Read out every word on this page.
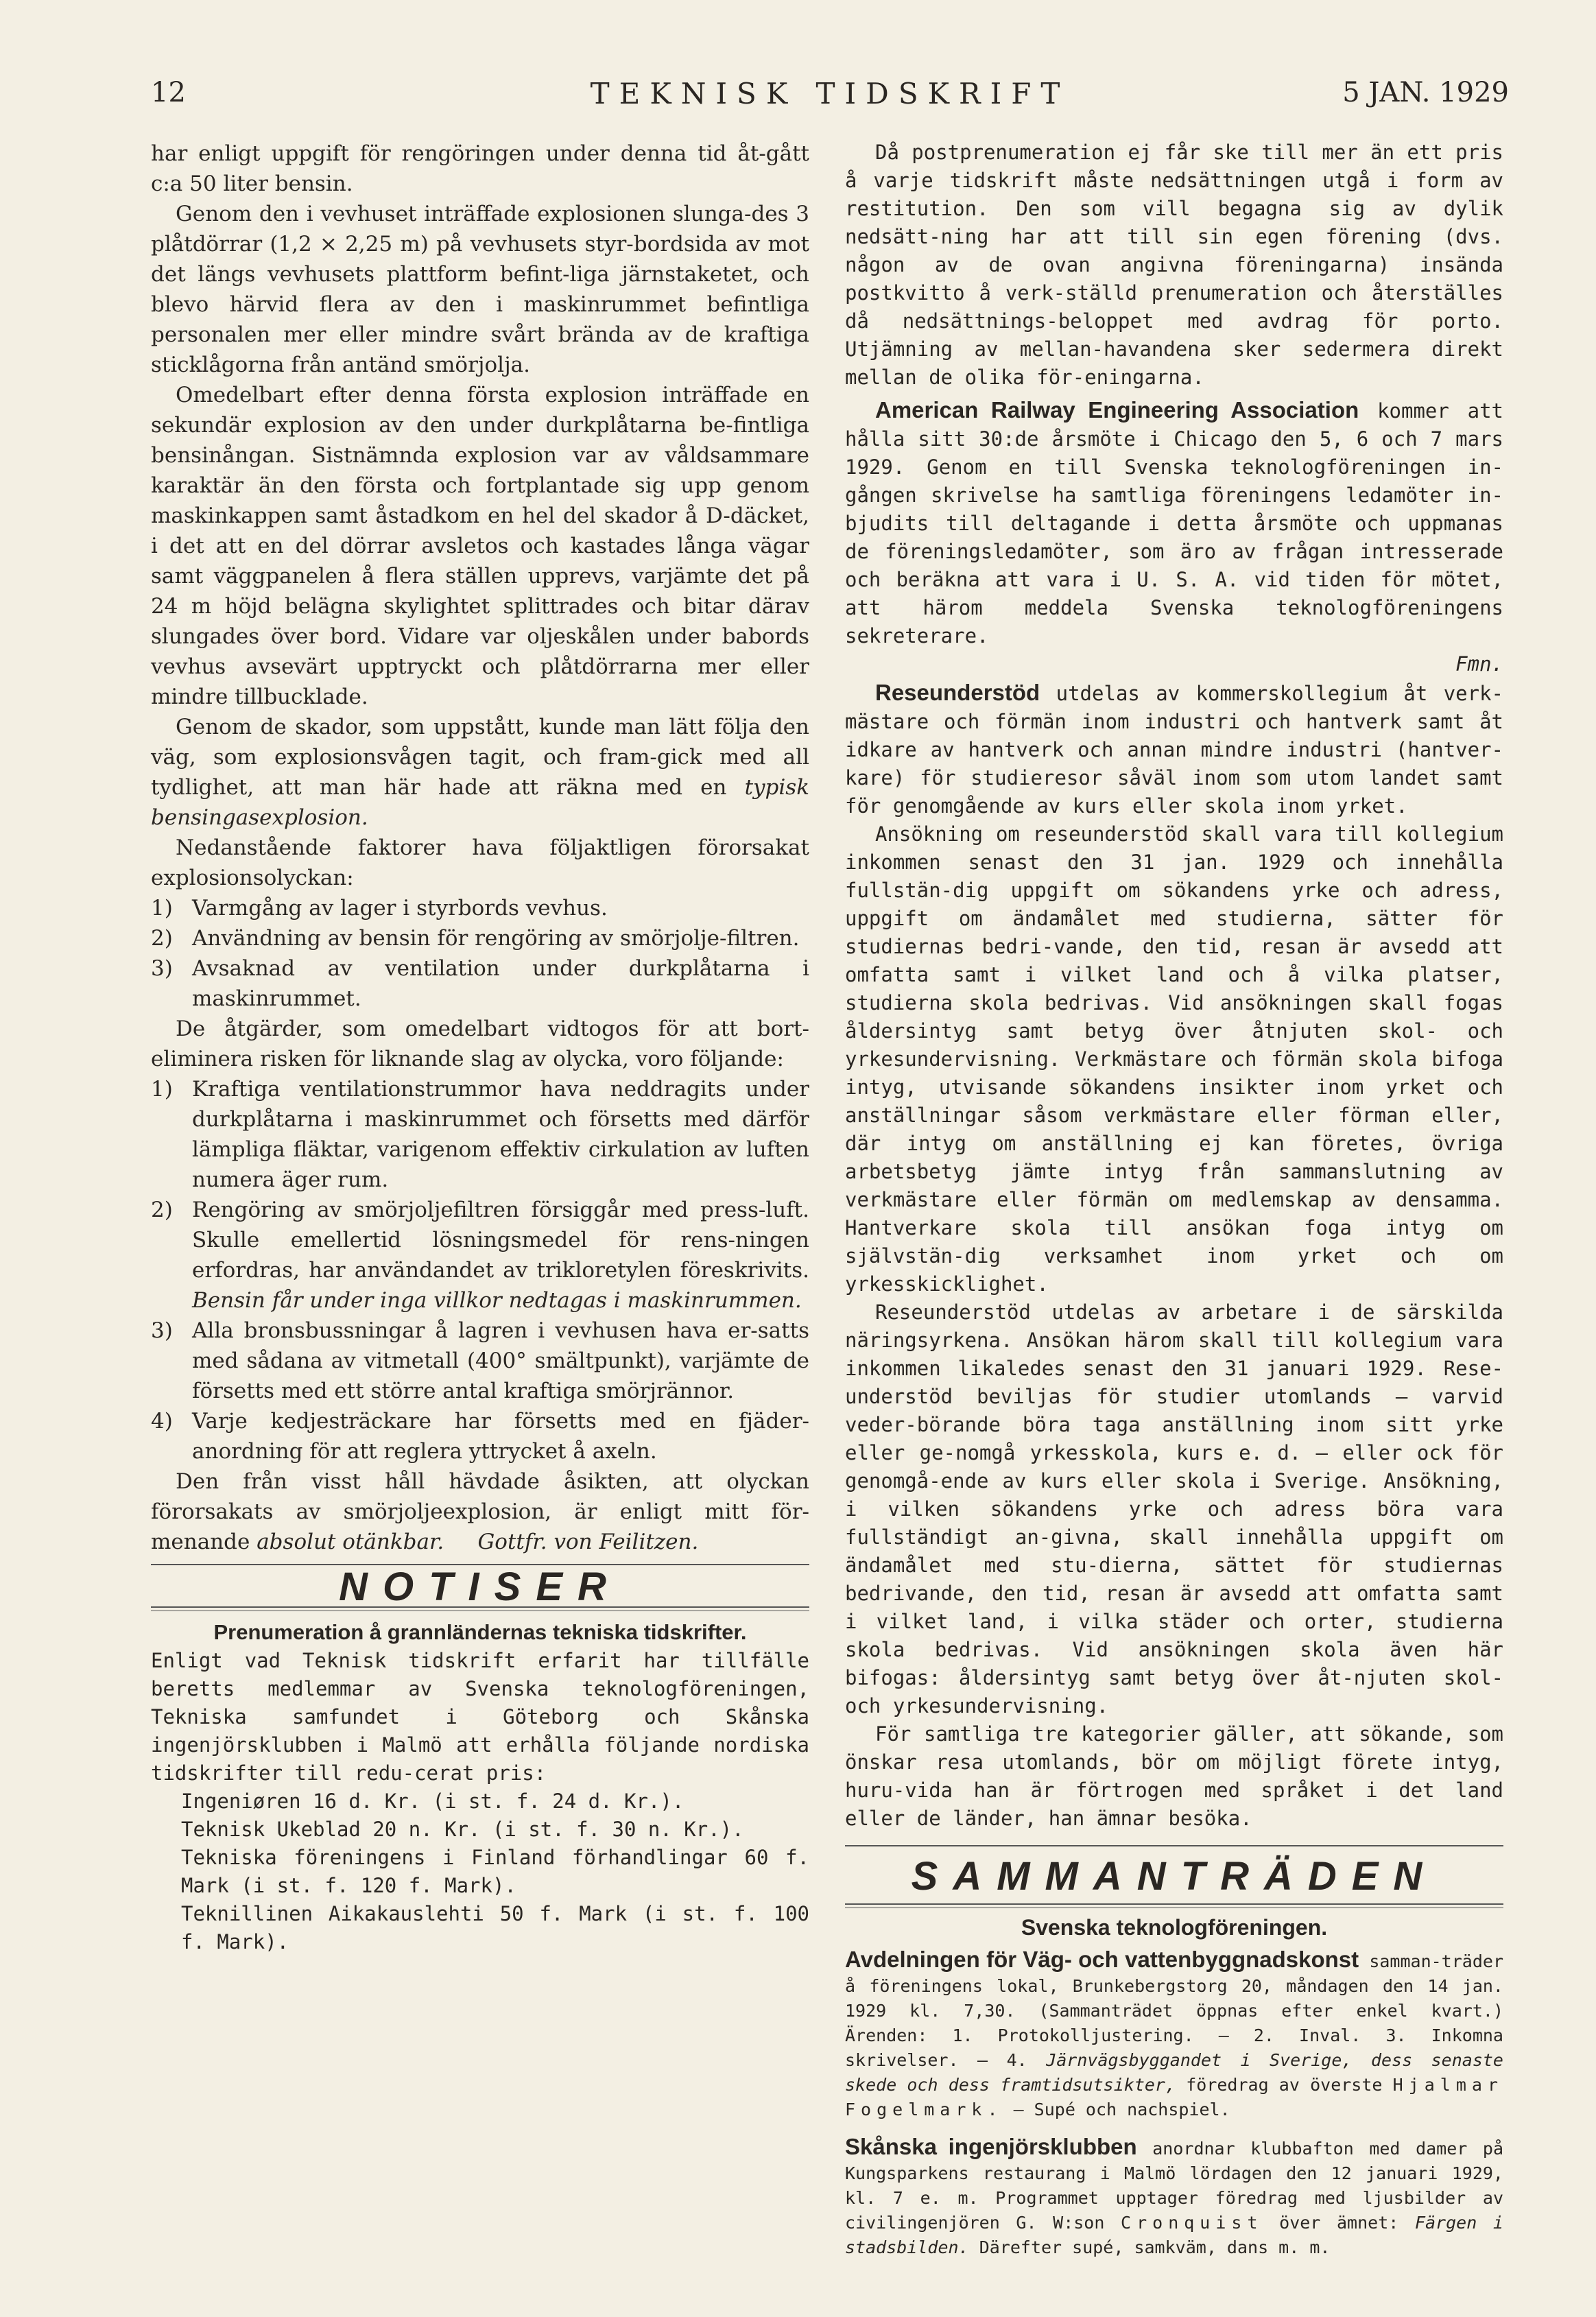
12	TEKNISK TIDSKRIFT	5 JAN. 1929

har enligt uppgift för rengöringen under denna tid åt-gått c:a 50 liter bensin.

Genom den i vevhuset inträffade explosionen slunga-des 3 plåtdörrar (1,2 × 2,25 m) på vevhusets styr-bordsida av mot det längs vevhusets plattform befint-liga järnstaketet, och blevo härvid flera av den i maskinrummet befintliga personalen mer eller mindre svårt brända av de kraftiga sticklågorna från antänd smörjolja.

Omedelbart efter denna första explosion inträffade en sekundär explosion av den under durkplåtarna be-fintliga bensinångan. Sistnämnda explosion var av våldsammare karaktär än den första och fortplantade sig upp genom maskinkappen samt åstadkom en hel del skador å D-däcket, i det att en del dörrar avsletos och kastades långa vägar samt väggpanelen å flera ställen upprevs, varjämte det på 24 m höjd belägna skylightet splittrades och bitar därav slungades över bord. Vidare var oljeskålen under babords vevhus avsevärt upptryckt och plåtdörrarna mer eller mindre tillbucklade.

Genom de skador, som uppstått, kunde man lätt följa den väg, som explosionsvågen tagit, och fram-gick med all tydlighet, att man här hade att räkna med en typisk bensingasexplosion.

Nedanstående faktorer hava följaktligen förorsakat explosionsolyckan:

1) Varmgång av lager i styrbords vevhus.
2) Användning av bensin för rengöring av smörjolje-filtren.
3) Avsaknad av ventilation under durkplåtarna i maskinrummet.

De åtgärder, som omedelbart vidtogos för att bort-eliminera risken för liknande slag av olycka, voro följande:

1) Kraftiga ventilationstrummor hava neddragits under durkplåtarna i maskinrummet och försetts med därför lämpliga fläktar, varigenom effektiv cirkulation av luften numera äger rum.
2) Rengöring av smörjoljefiltren försiggår med press-luft. Skulle emellertid lösningsmedel för rens-ningen erfordras, har användandet av trikloretylen föreskrivits. Bensin får under inga villkor nedtagas i maskinrummen.
3) Alla bronsbussningar å lagren i vevhusen hava er-satts med sådana av vitmetall (400° smältpunkt), varjämte de försetts med ett större antal kraftiga smörjrännor.
4) Varje kedjesträckare har försetts med en fjäder-anordning för att reglera yttrycket å axeln.

Den från visst håll hävdade åsikten, att olyckan förorsakats av smörjoljeexplosion, är enligt mitt för-menande absolut otänkbar. Gottfr. von Feilitzen.

NOTISER
Prenumeration å grannländernas tekniska tidskrifter.

Enligt vad Teknisk tidskrift erfarit har tillfälle beretts medlemmar av Svenska teknologföreningen, Tekniska samfundet i Göteborg och Skånska ingenjörsklubben i Malmö att erhålla följande nordiska tidskrifter till redu-cerat pris:

Ingeniøren 16 d. Kr. (i st. f. 24 d. Kr.).

Teknisk Ukeblad 20 n. Kr. (i st. f. 30 n. Kr.).

Tekniska föreningens i Finland förhandlingar 60 f. Mark (i st. f. 120 f. Mark).

Teknillinen Aikakauslehti 50 f. Mark (i st. f. 100 f. Mark).

Då postprenumeration ej får ske till mer än ett pris å varje tidskrift måste nedsättningen utgå i form av restitution. Den som vill begagna sig av dylik nedsätt-ning har att till sin egen förening (dvs. någon av de ovan angivna föreningarna) insända postkvitto å verk-ställd prenumeration och återställes då nedsättnings-beloppet med avdrag för porto. Utjämning av mellan-havandena sker sedermera direkt mellan de olika för-eningarna.

American Railway Engineering Association kommer att hålla sitt 30:de årsmöte i Chicago den 5, 6 och 7 mars 1929. Genom en till Svenska teknologföreningen in-gången skrivelse ha samtliga föreningens ledamöter in-bjudits till deltagande i detta årsmöte och uppmanas de föreningsledamöter, som äro av frågan intresserade och beräkna att vara i U. S. A. vid tiden för mötet, att härom meddela Svenska teknologföreningens sekreterare.

Fmn.

Reseunderstöd utdelas av kommerskollegium åt verk-mästare och förmän inom industri och hantverk samt åt idkare av hantverk och annan mindre industri (hantver-kare) för studieresor såväl inom som utom landet samt för genomgående av kurs eller skola inom yrket.

Ansökning om reseunderstöd skall vara till kollegium inkommen senast den 31 jan. 1929 och innehålla fullstän-dig uppgift om sökandens yrke och adress, uppgift om ändamålet med studierna, sätter för studiernas bedri-vande, den tid, resan är avsedd att omfatta samt i vilket land och å vilka platser, studierna skola bedrivas. Vid ansökningen skall fogas åldersintyg samt betyg över åtnjuten skol- och yrkesundervisning. Verkmästare och förmän skola bifoga intyg, utvisande sökandens insikter inom yrket och anställningar såsom verkmästare eller förman eller, där intyg om anställning ej kan företes, övriga arbetsbetyg jämte intyg från sammanslutning av verkmästare eller förmän om medlemskap av densamma. Hantverkare skola till ansökan foga intyg om självstän-dig verksamhet inom yrket och om yrkesskicklighet.

Reseunderstöd utdelas av arbetare i de särskilda näringsyrkena. Ansökan härom skall till kollegium vara inkommen likaledes senast den 31 januari 1929. Rese-understöd beviljas för studier utomlands — varvid veder-börande böra taga anställning inom sitt yrke eller ge-nomgå yrkesskola, kurs e. d. — eller ock för genomgå-ende av kurs eller skola i Sverige. Ansökning, i vilken sökandens yrke och adress böra vara fullständigt an-givna, skall innehålla uppgift om ändamålet med stu-dierna, sättet för studiernas bedrivande, den tid, resan är avsedd att omfatta samt i vilket land, i vilka städer och orter, studierna skola bedrivas. Vid ansökningen skola även här bifogas: åldersintyg samt betyg över åt-njuten skol- och yrkesundervisning.

För samtliga tre kategorier gäller, att sökande, som önskar resa utomlands, bör om möjligt förete intyg, huru-vida han är förtrogen med språket i det land eller de länder, han ämnar besöka.

SAMMANTRÄDEN
Svenska teknologföreningen.

Avdelningen för Väg- och vattenbyggnadskonst samman-träder å föreningens lokal, Brunkebergstorg 20, måndagen den 14 jan. 1929 kl. 7,30. (Sammanträdet öppnas efter enkel kvart.) Ärenden: 1. Protokolljustering. — 2. Inval. 3. Inkomna skrivelser. — 4. Järnvägsbyggandet i Sverige, dess senaste skede och dess framtidsutsikter, föredrag av överste Hjalmar Fogelmark. — Supé och nachspiel.

Skånska ingenjörsklubben anordnar klubbafton med damer på Kungsparkens restaurang i Malmö lördagen den 12 januari 1929, kl. 7 e. m. Programmet upptager föredrag med ljusbilder av civilingenjören G. W:son Cronquist över ämnet: Färgen i stadsbilden. Därefter supé, samkväm, dans m. m.
